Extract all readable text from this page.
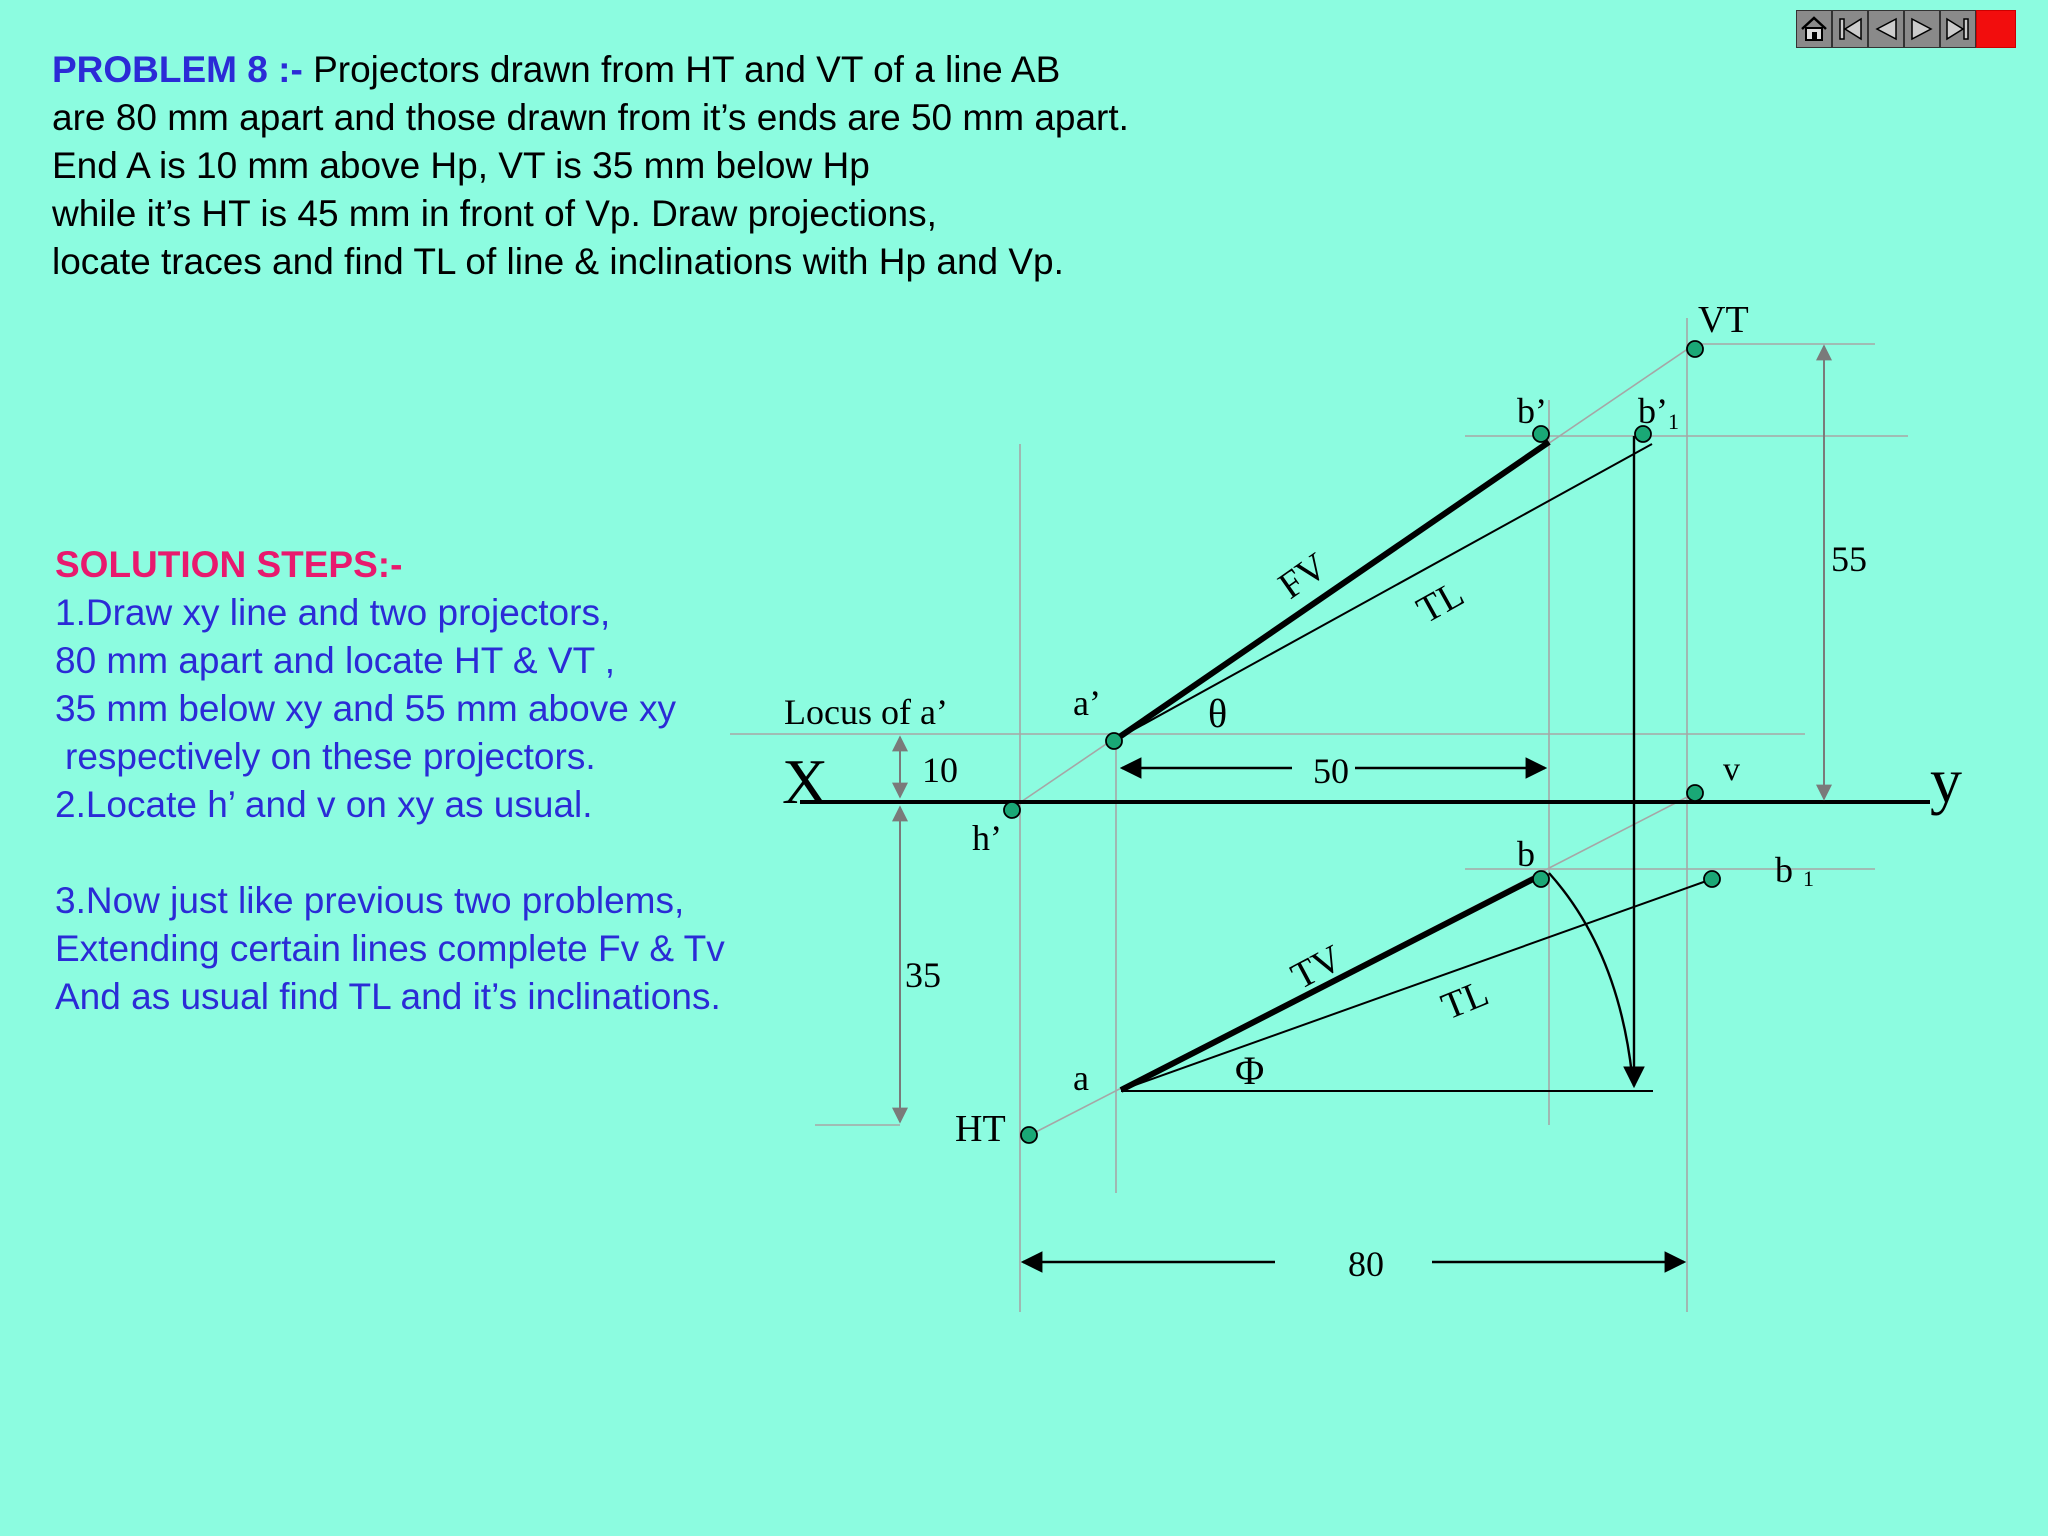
PROBLEM 8 :- Projectors drawn from HT and VT of a line AB
are 80 mm apart and those drawn from it’s ends are 50 mm apart.
End A is 10 mm above Hp, VT is 35 mm below Hp
while it’s HT is 45 mm in front of Vp. Draw projections,
locate traces and find TL of line & inclinations with Hp and Vp.
SOLUTION STEPS:-
1.Draw xy line and two projectors,
80 mm apart and locate HT & VT ,
35 mm below xy and 55 mm above xy
respectively on these projectors.
2.Locate h’ and v on xy as usual.
3.Now just like previous two problems,
Extending certain lines complete Fv & Tv
And as usual find TL and it’s inclinations.
X	y
VT
b’	b’1
FV TL
a’	θ
Locus of a’
10	50	v
h’
55
b	b 1
TV
TL
35
a	Φ
HT
80
